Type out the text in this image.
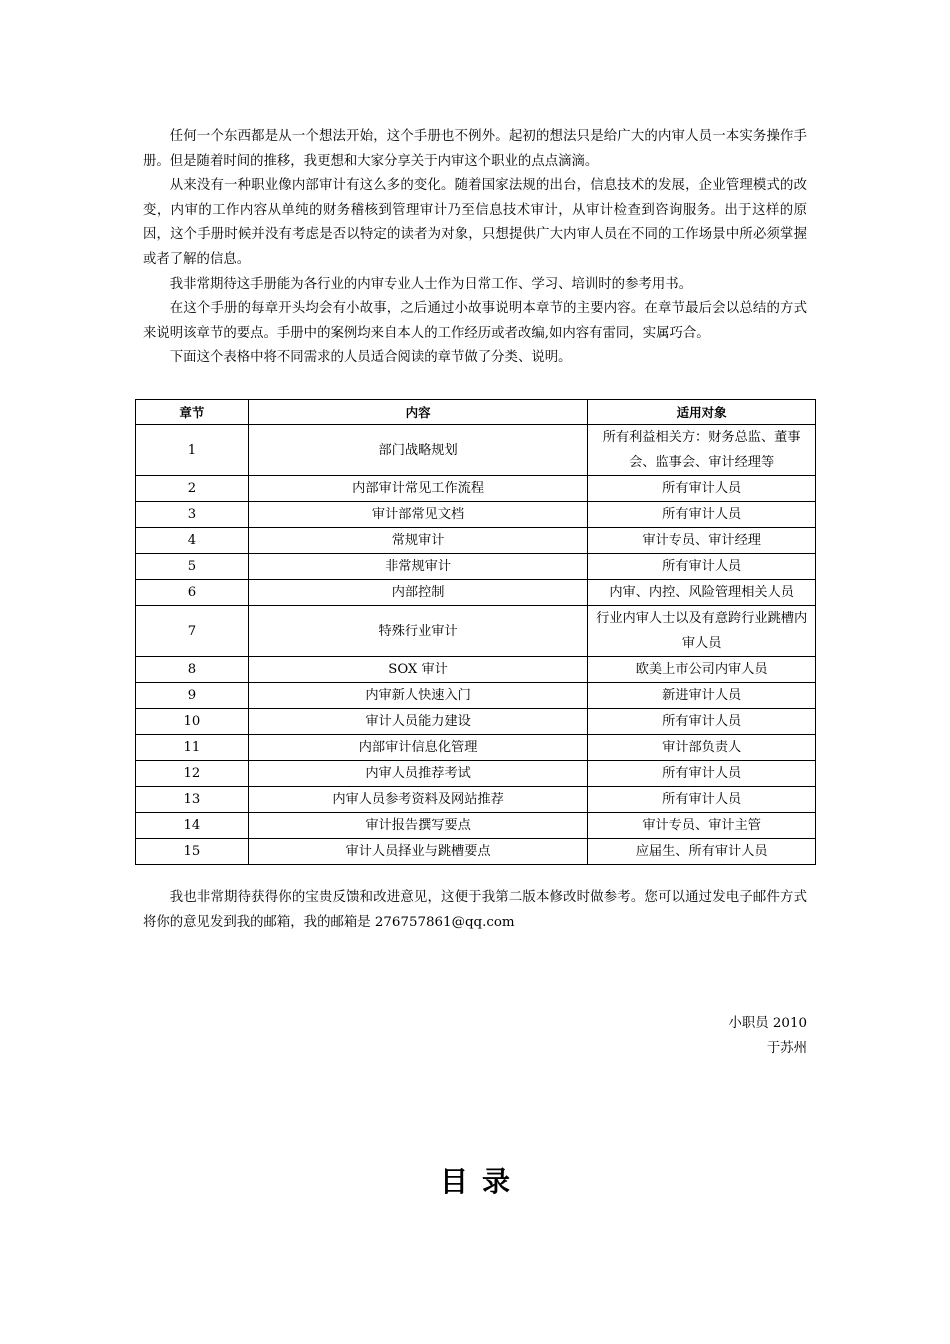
任何一个东西都是从一个想法开始，这个手册也不例外。起初的想法只是给广大的内审人员一本实务操作手册。但是随着时间的推移，我更想和大家分享关于内审这个职业的点点滴滴。

从来没有一种职业像内部审计有这么多的变化。随着国家法规的出台，信息技术的发展，企业管理模式的改变，内审的工作内容从单纯的财务稽核到管理审计乃至信息技术审计，从审计检查到咨询服务。出于这样的原因，这个手册时候并没有考虑是否以特定的读者为对象，只想提供广大内审人员在不同的工作场景中所必须掌握或者了解的信息。

我非常期待这手册能为各行业的内审专业人士作为日常工作、学习、培训时的参考用书。

在这个手册的每章开头均会有小故事，之后通过小故事说明本章节的主要内容。在章节最后会以总结的方式来说明该章节的要点。手册中的案例均来自本人的工作经历或者改编,如内容有雷同，实属巧合。

下面这个表格中将不同需求的人员适合阅读的章节做了分类、说明。

章节	内容	适用对象
1	部门战略规划	所有利益相关方：财务总监、董事会、监事会、审计经理等
2	内部审计常见工作流程	所有审计人员
3	审计部常见文档	所有审计人员
4	常规审计	审计专员、审计经理
5	非常规审计	所有审计人员
6	内部控制	内审、内控、风险管理相关人员
7	特殊行业审计	行业内审人士以及有意跨行业跳槽内审人员
8	SOX 审计	欧美上市公司内审人员
9	内审新人快速入门	新进审计人员
10	审计人员能力建设	所有审计人员
11	内部审计信息化管理	审计部负责人
12	内审人员推荐考试	所有审计人员
13	内审人员参考资料及网站推荐	所有审计人员
14	审计报告撰写要点	审计专员、审计主管
15	审计人员择业与跳槽要点	应届生、所有审计人员

我也非常期待获得你的宝贵反馈和改进意见，这便于我第二版本修改时做参考。您可以通过发电子邮件方式将你的意见发到我的邮箱，我的邮箱是 276757861@qq.com

小职员 2010
于苏州
目录
